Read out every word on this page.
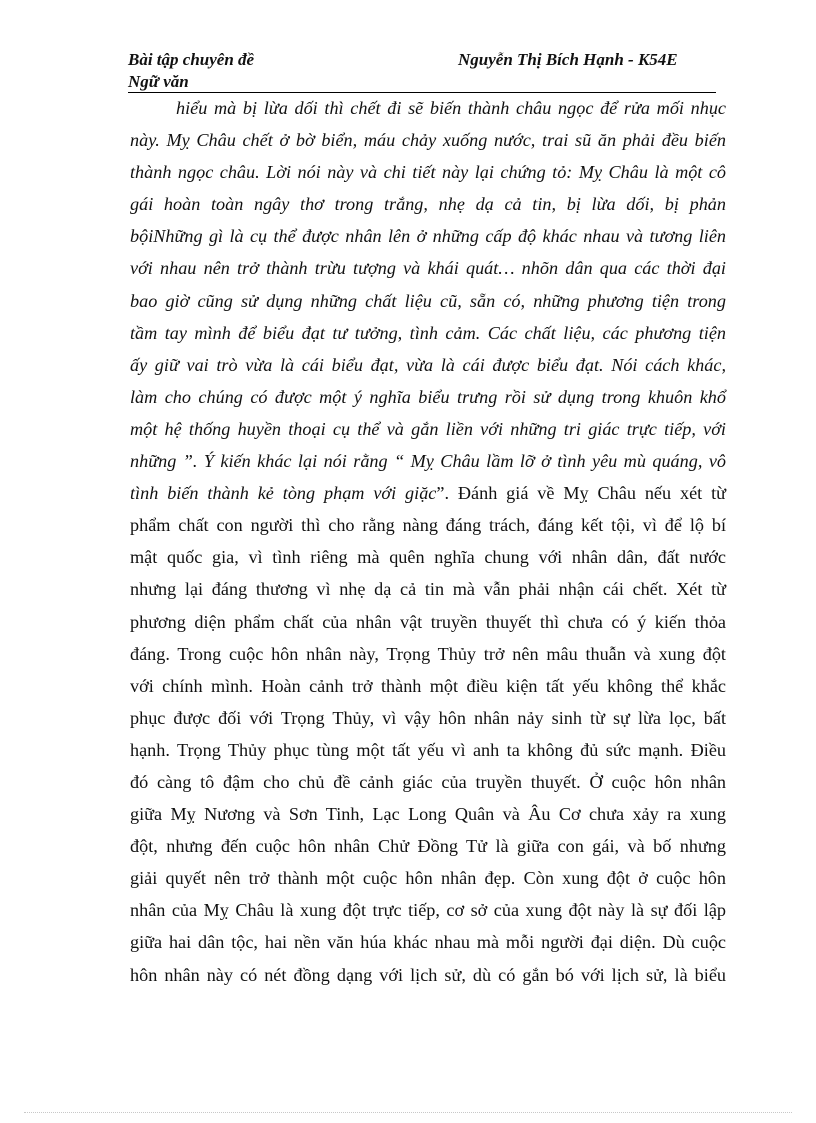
Bài tập chuyên đề	Nguyễn Thị Bích Hạnh - K54E
Ngữ văn
hiểu mà bị lừa dối thì chết đi sẽ biến thành châu ngọc để rửa mối nhục
này. Mỵ Châu chết ở bờ biển, máu chảy xuống nước, trai sũ ăn phải đều biến
thành ngọc châu. Lời nói này và chi tiết này lại chứng tỏ: Mỵ Châu là một cô
gái hoàn toàn ngây thơ trong trắng, nhẹ dạ cả tin, bị lừa dối, bị phản
bộiNhững gì là cụ thể được nhân lên ở những cấp độ khác nhau và tương liên
với nhau nên trở thành trừu tượng và khái quát… nhõn dân qua các thời đại
bao giờ cũng sử dụng những chất liệu cũ, sẵn có, những phương tiện trong
tầm tay mình để biểu đạt tư tưởng, tình cảm. Các chất liệu, các phương tiện
ấy giữ vai trò vừa là cái biểu đạt, vừa là cái được biểu đạt. Nói cách khác,
làm cho chúng có được một ý nghĩa biểu trưng rồi sử dụng trong khuôn khổ
một hệ thống huyền thoại cụ thể và gắn liền với những tri giác trực tiếp, với
những ”. Ý kiến khác lại nói rằng “ Mỵ Châu lầm lỡ ở tình yêu mù quáng, vô
tình biến thành kẻ tòng phạm với giặc”. Đánh giá về Mỵ Châu nếu xét từ
phẩm chất con người thì cho rằng nàng đáng trách, đáng kết tội, vì để lộ bí
mật quốc gia, vì tình riêng mà quên nghĩa chung với nhân dân, đất nước
nhưng lại đáng thương vì nhẹ dạ cả tin mà vẫn phải nhận cái chết. Xét từ
phương diện phẩm chất của nhân vật truyền thuyết thì chưa có ý kiến thỏa
đáng. Trong cuộc hôn nhân này, Trọng Thủy trở nên mâu thuẫn và xung đột
với chính mình. Hoàn cảnh trở thành một điều kiện tất yếu không thể khắc
phục được đối với Trọng Thủy, vì vậy hôn nhân nảy sinh từ sự lừa lọc, bất
hạnh. Trọng Thủy phục tùng một tất yếu vì anh ta không đủ sức mạnh. Điều
đó càng tô đậm cho chủ đề cảnh giác của truyền thuyết. Ở cuộc hôn nhân
giữa Mỵ Nương và Sơn Tinh, Lạc Long Quân và Âu Cơ chưa xảy ra xung
đột, nhưng đến cuộc hôn nhân Chử Đồng Tử là giữa con gái, và bố nhưng
giải quyết nên trở thành một cuộc hôn nhân đẹp. Còn xung đột ở cuộc hôn
nhân của Mỵ Châu là xung đột trực tiếp, cơ sở của xung đột này là sự đối lập
giữa hai dân tộc, hai nền văn húa khác nhau mà mỗi người đại diện. Dù cuộc
hôn nhân này có nét đồng dạng với lịch sử, dù có gắn bó với lịch sử, là biểu
